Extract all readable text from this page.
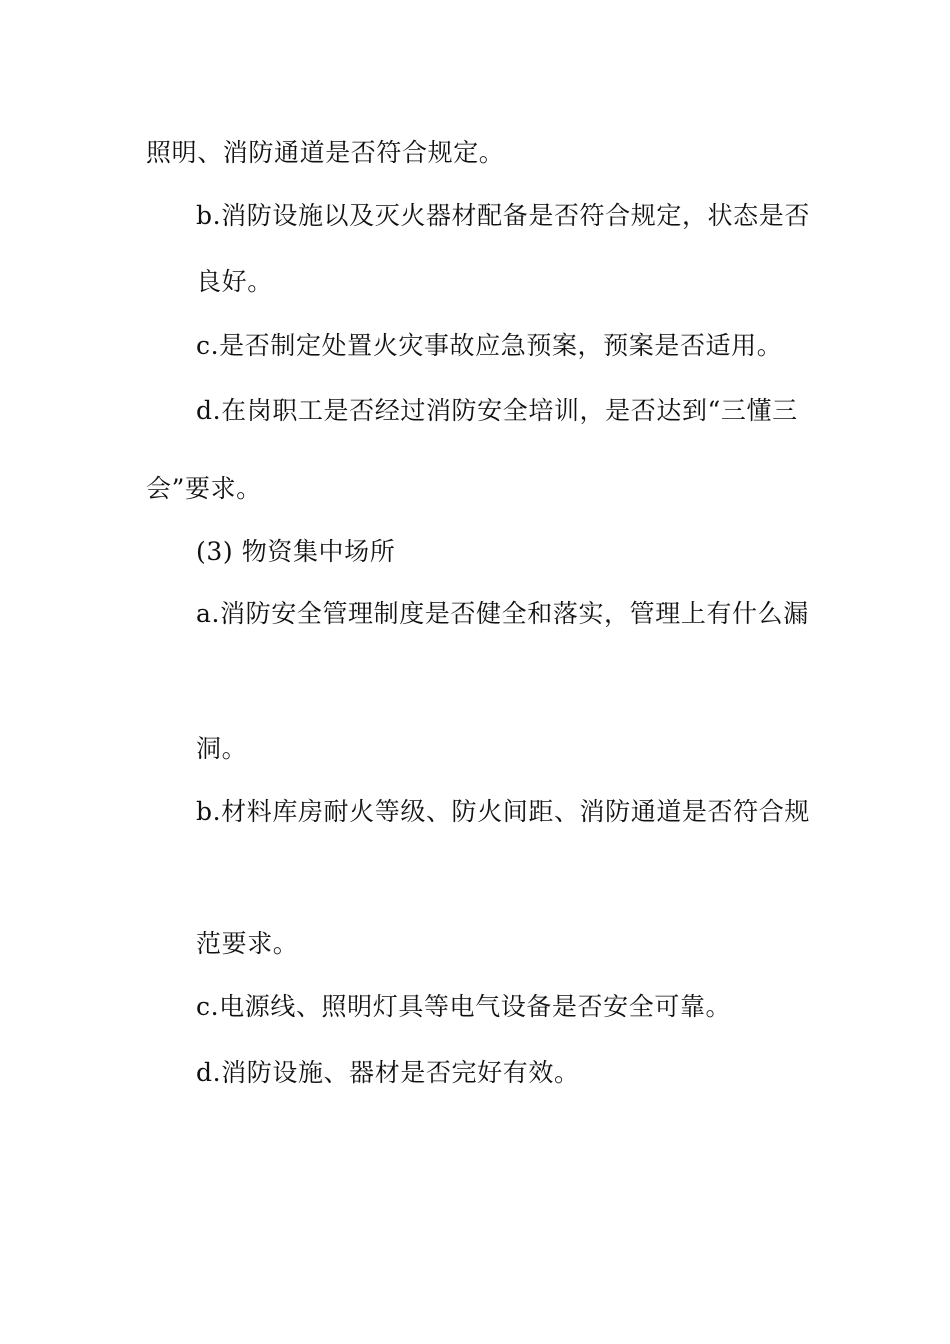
照明、消防通道是否符合规定。
b.消防设施以及灭火器材配备是否符合规定，状态是否
良好。
c.是否制定处置火灾事故应急预案，预案是否适用。
d.在岗职工是否经过消防安全培训，是否达到“三懂三
会”要求。
(3) 物资集中场所
a.消防安全管理制度是否健全和落实，管理上有什么漏
洞。
b.材料库房耐火等级、防火间距、消防通道是否符合规
范要求。
c.电源线、照明灯具等电气设备是否安全可靠。
d.消防设施、器材是否完好有效。
